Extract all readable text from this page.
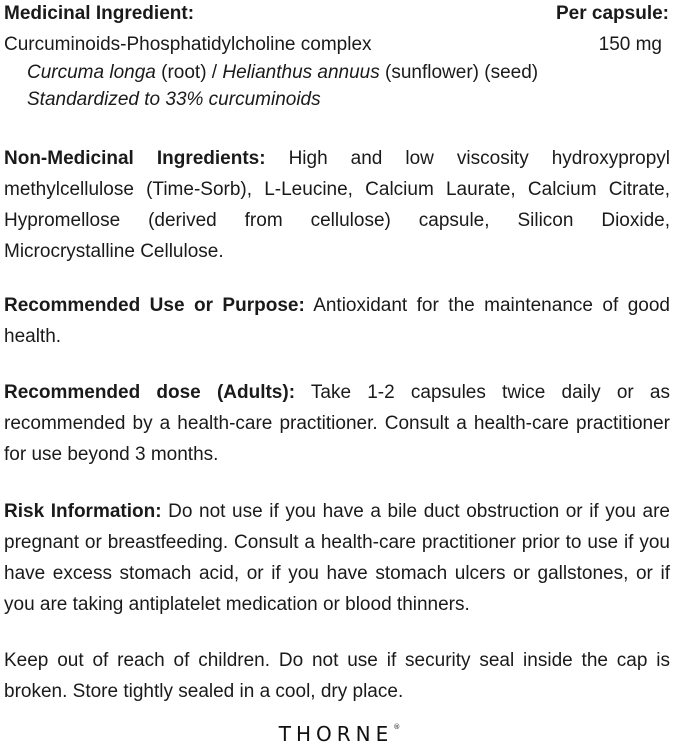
Medicinal Ingredient:	Per capsule:
Curcuminoids-Phosphatidylcholine complex	150 mg
Curcuma longa (root) / Helianthus annuus (sunflower) (seed)
Standardized to 33% curcuminoids
Non-Medicinal Ingredients: High and low viscosity hydroxypropyl methylcellulose (Time-Sorb), L-Leucine, Calcium Laurate, Calcium Citrate, Hypromellose (derived from cellulose) capsule, Silicon Dioxide, Microcrystalline Cellulose.
Recommended Use or Purpose: Antioxidant for the maintenance of good health.
Recommended dose (Adults): Take 1-2 capsules twice daily or as recommended by a health-care practitioner. Consult a health-care practitioner for use beyond 3 months.
Risk Information: Do not use if you have a bile duct obstruction or if you are pregnant or breastfeeding. Consult a health-care practitioner prior to use if you have excess stomach acid, or if you have stomach ulcers or gallstones, or if you are taking antiplatelet medication or blood thinners.
Keep out of reach of children. Do not use if security seal inside the cap is broken. Store tightly sealed in a cool, dry place.
THORNE®
